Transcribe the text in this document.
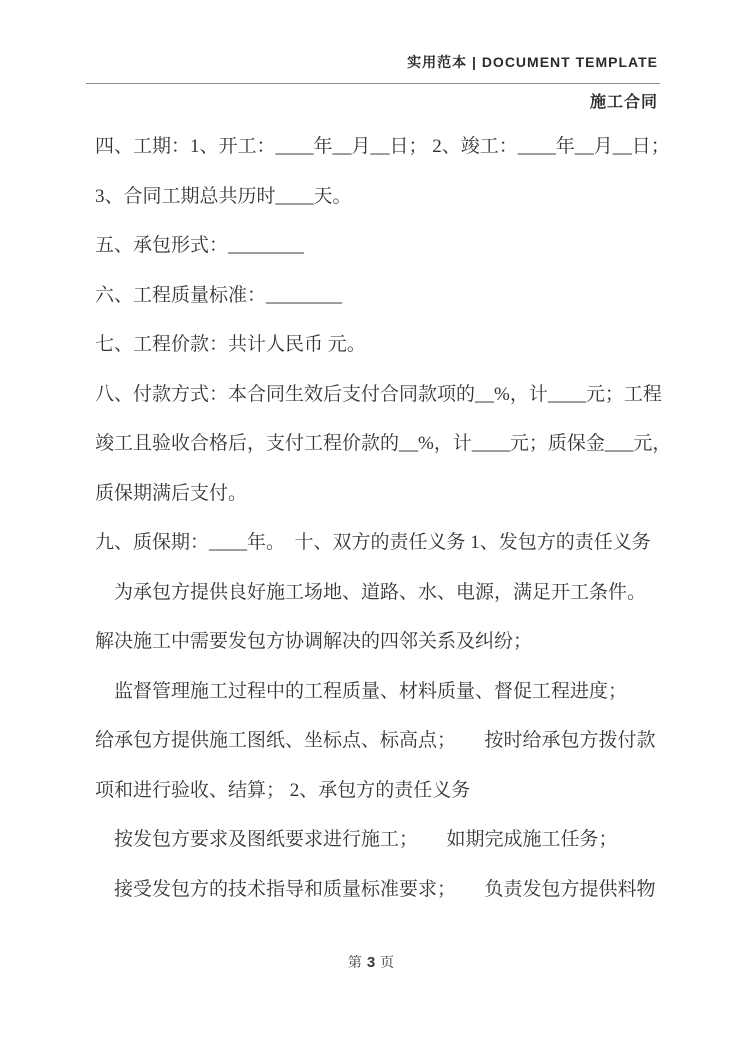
实用范本 | DOCUMENT TEMPLATE
施工合同
四、工期：1、开工：____年__月__日； 2、竣工：____年__月__日；
3、合同工期总共历时____天。
五、承包形式：________
六、工程质量标准：________
七、工程价款：共计人民币 元。
八、付款方式：本合同生效后支付合同款项的__%，计____元；工程
竣工且验收合格后，支付工程价款的__%，计____元；质保金___元，
质保期满后支付。
九、质保期：____年。　十、双方的责任义务 1、发包方的责任义务
　为承包方提供良好施工场地、道路、水、电源，满足开工条件。
解决施工中需要发包方协调解决的四邻关系及纠纷；
　监督管理施工过程中的工程质量、材料质量、督促工程进度；
给承包方提供施工图纸、坐标点、标高点；　　按时给承包方拨付款
项和进行验收、结算； 2、承包方的责任义务
　按发包方要求及图纸要求进行施工；　　如期完成施工任务；
　接受发包方的技术指导和质量标准要求；　　负责发包方提供料物
第 3 页
